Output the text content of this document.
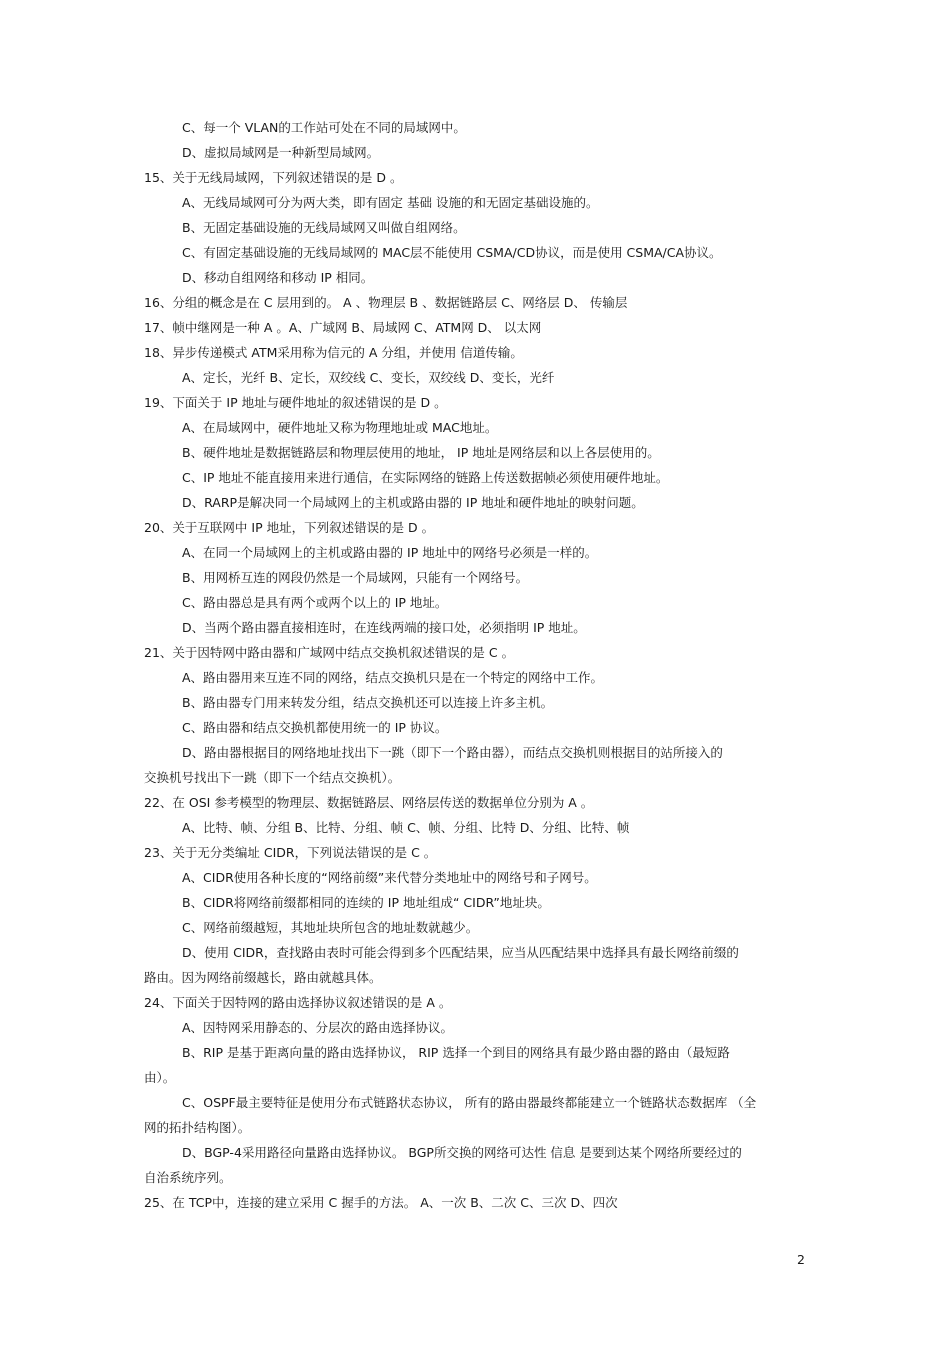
C、每一个 VLAN的工作站可处在不同的局域网中。
D、虚拟局域网是一种新型局域网。
15、关于无线局域网，下列叙述错误的是 D 。
A、无线局域网可分为两大类，即有固定 基础 设施的和无固定基础设施的。
B、无固定基础设施的无线局域网又叫做自组网络。
C、有固定基础设施的无线局域网的 MAC层不能使用 CSMA/CD协议，而是使用 CSMA/CA协议。
D、移动自组网络和移动 IP 相同。
16、分组的概念是在 C 层用到的。 A 、物理层 B 、数据链路层 C、网络层 D、 传输层
17、帧中继网是一种 A 。A、广域网 B、局域网 C、ATM网 D、 以太网
18、异步传递模式 ATM采用称为信元的 A 分组，并使用 信道传输。
A、定长，光纤 B、定长，双绞线 C、变长，双绞线 D、变长，光纤
19、下面关于 IP 地址与硬件地址的叙述错误的是 D 。
A、在局域网中，硬件地址又称为物理地址或 MAC地址。
B、硬件地址是数据链路层和物理层使用的地址， IP 地址是网络层和以上各层使用的。
C、IP 地址不能直接用来进行通信，在实际网络的链路上传送数据帧必须使用硬件地址。
D、RARP是解决同一个局域网上的主机或路由器的 IP 地址和硬件地址的映射问题。
20、关于互联网中 IP 地址，下列叙述错误的是 D 。
A、在同一个局域网上的主机或路由器的 IP 地址中的网络号必须是一样的。
B、用网桥互连的网段仍然是一个局域网，只能有一个网络号。
C、路由器总是具有两个或两个以上的 IP 地址。
D、当两个路由器直接相连时，在连线两端的接口处，必须指明 IP 地址。
21、关于因特网中路由器和广域网中结点交换机叙述错误的是 C 。
A、路由器用来互连不同的网络，结点交换机只是在一个特定的网络中工作。
B、路由器专门用来转发分组，结点交换机还可以连接上许多主机。
C、路由器和结点交换机都使用统一的 IP 协议。
D、路由器根据目的网络地址找出下一跳（即下一个路由器），而结点交换机则根据目的站所接入的
交换机号找出下一跳（即下一个结点交换机）。
22、在 OSI 参考模型的物理层、数据链路层、网络层传送的数据单位分别为 A 。
A、比特、帧、分组 B、比特、分组、帧 C、帧、分组、比特 D、分组、比特、帧
23、关于无分类编址 CIDR，下列说法错误的是 C 。
A、CIDR使用各种长度的“网络前缀”来代替分类地址中的网络号和子网号。
B、CIDR将网络前缀都相同的连续的 IP 地址组成“ CIDR”地址块。
C、网络前缀越短，其地址块所包含的地址数就越少。
D、使用 CIDR，查找路由表时可能会得到多个匹配结果，应当从匹配结果中选择具有最长网络前缀的
路由。因为网络前缀越长，路由就越具体。
24、下面关于因特网的路由选择协议叙述错误的是 A 。
A、因特网采用静态的、分层次的路由选择协议。
B、RIP 是基于距离向量的路由选择协议， RIP 选择一个到目的网络具有最少路由器的路由（最短路
由）。
C、OSPF最主要特征是使用分布式链路状态协议， 所有的路由器最终都能建立一个链路状态数据库 （全
网的拓扑结构图）。
D、BGP-4采用路径向量路由选择协议。 BGP所交换的网络可达性 信息 是要到达某个网络所要经过的
自治系统序列。
25、在 TCP中，连接的建立采用 C 握手的方法。 A、一次 B、二次 C、三次 D、四次
2
